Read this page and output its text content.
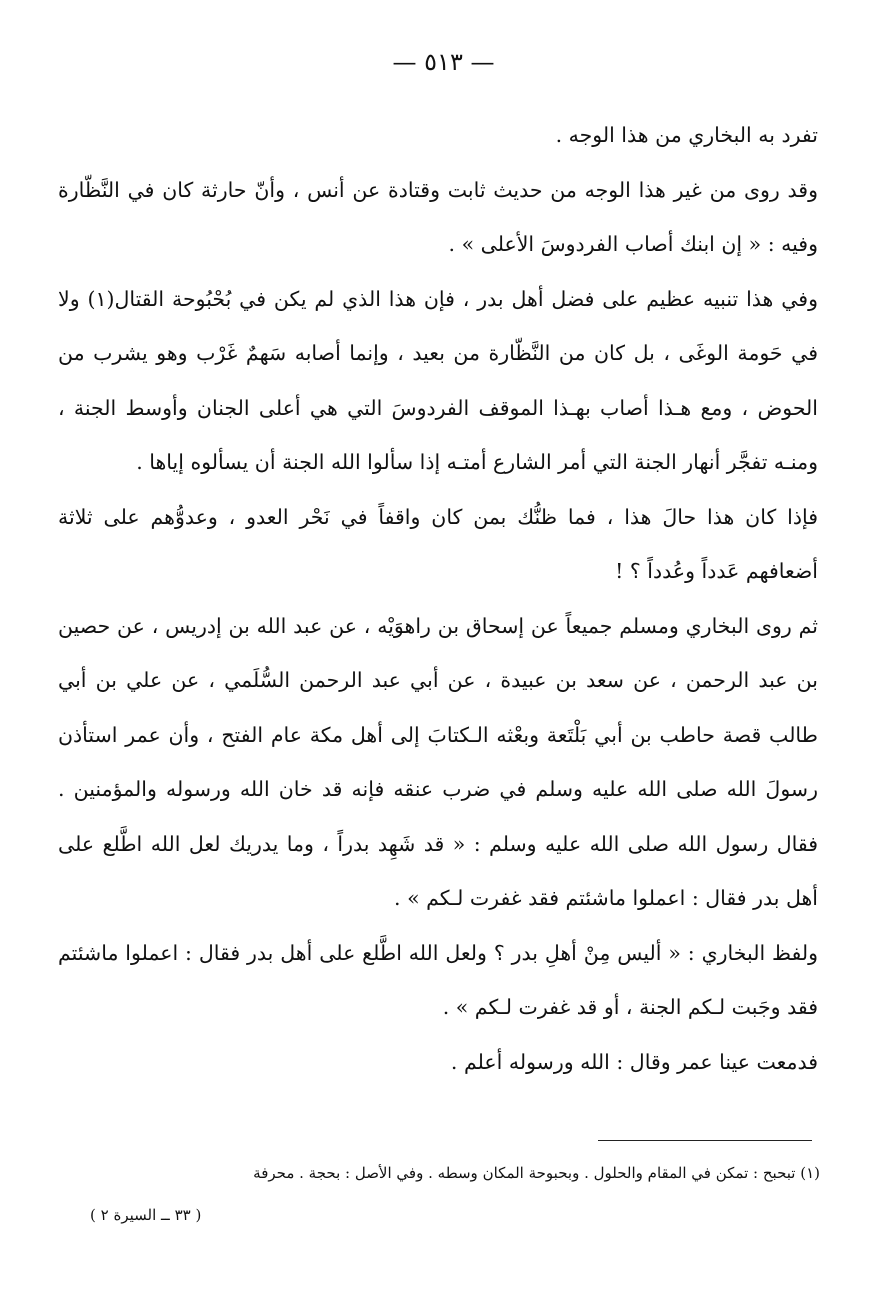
— ٥١٣ —

تفرد به البخاري من هذا الوجه .

وقد روى من غير هذا الوجه من حديث ثابت وقتادة عن أنس ، وأنّ حارثة كان في النَّظّارة وفيه : « إن ابنك أصاب الفردوسَ الأعلى » .

وفي هذا تنبيه عظيم على فضل أهل بدر ، فإن هذا الذي لم يكن في بُحْبُوحة القتال(١) ولا في حَومة الوغَى ، بل كان من النَّظّارة من بعيد ، وإنما أصابه سَهمٌ غَرْب وهو يشرب من الحوض ، ومع هـذا أصاب بهـذا الموقف الفردوسَ التي هي أعلى الجنان وأوسط الجنة ، ومنـه تفجَّر أنهار الجنة التي أمر الشارع أمتـه إذا سألوا الله الجنة أن يسألوه إياها .

فإذا كان هذا حالَ هذا ، فما ظنُّك بمن كان واقفاً في نَحْر العدو ، وعدوُّهم على ثلاثة أضعافهم عَدداً وعُدداً ؟ !

ثم روى البخاري ومسلم جميعاً عن إسحاق بن راهوَيْه ، عن عبد الله بن إدريس ، عن حصين بن عبد الرحمن ، عن سعد بن عبيدة ، عن أبي عبد الرحمن السُّلَمي ، عن علي بن أبي طالب قصة حاطب بن أبي بَلْتَعة وبعْثه الـكتابَ إلى أهل مكة عام الفتح ، وأن عمر استأذن رسولَ الله صلى الله عليه وسلم في ضرب عنقه فإنه قد خان الله ورسوله والمؤمنين . فقال رسول الله صلى الله عليه وسلم : « قد شَهِد بدراً ، وما يدريك لعل الله اطَّلع على أهل بدر فقال : اعملوا ماشئتم فقد غفرت لـكم » .

ولفظ البخاري : « أليس مِنْ أهلِ بدر ؟ ولعل الله اطَّلع على أهل بدر فقال : اعملوا ماشئتم فقد وجَبت لـكم الجنة ، أو قد غفرت لـكم » .

فدمعت عينا عمر وقال : الله ورسوله أعلم .

(١) تبحبح : تمكن في المقام والحلول . وبحبوحة المكان وسطه . وفي الأصل : بحجة . محرفة
( ٣٣ ــ السيرة ٢ )
